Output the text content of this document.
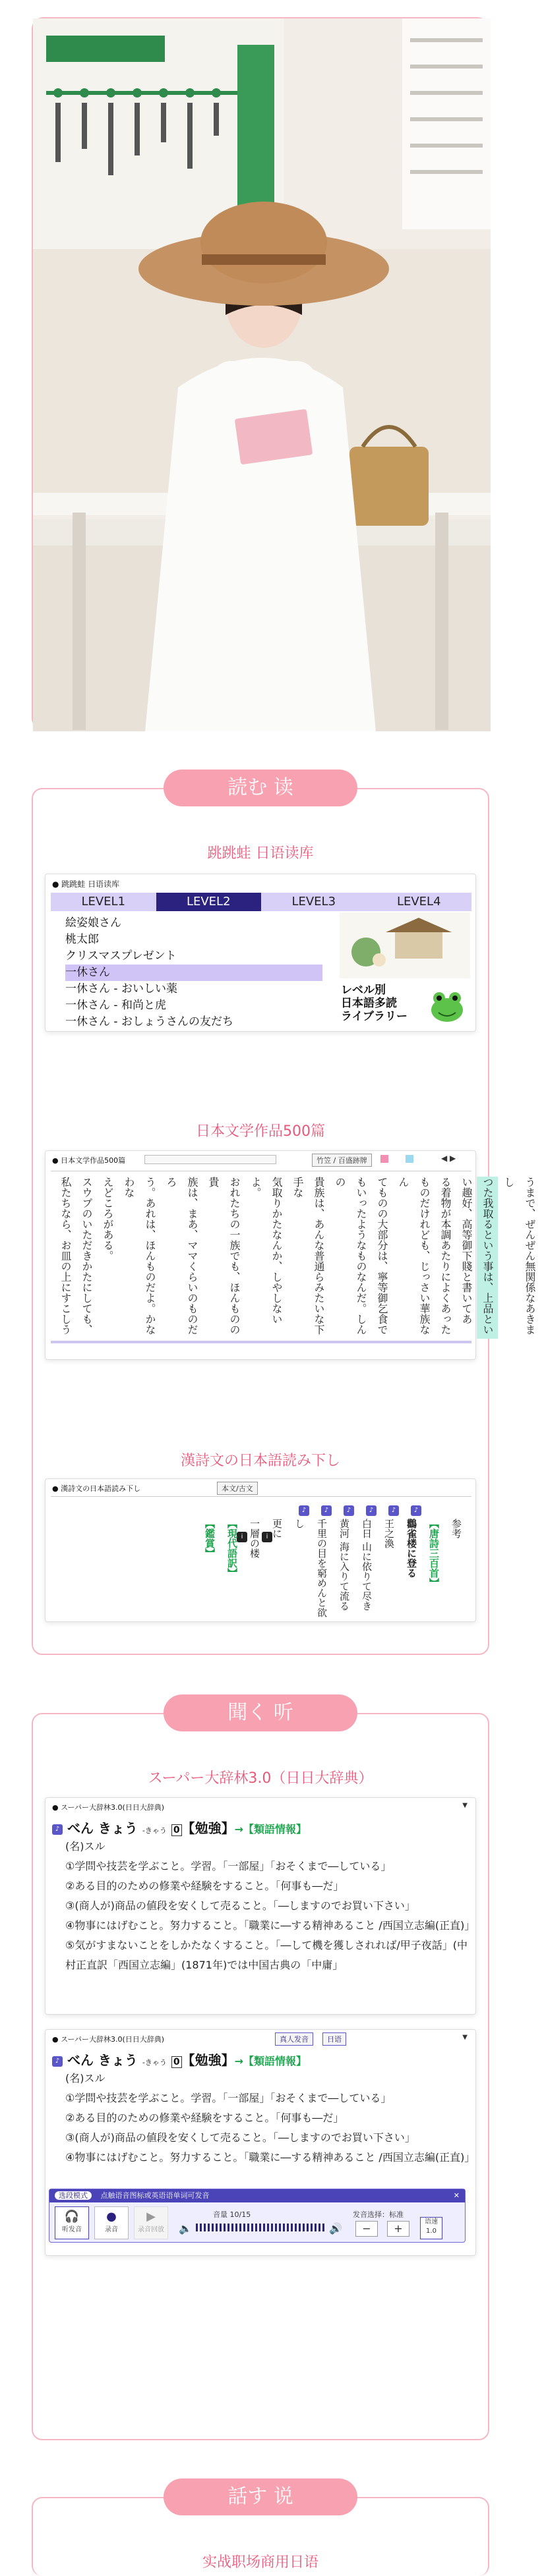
読む 读
跳跳蛙 日语读库
● 跳跳蛙 日语读库
LEVEL1	LEVEL2	LEVEL3	LEVEL4
絵姿娘さん
桃太郎
クリスマスプレゼント
一休さん
一休さん - おいしい薬
一休さん - 和尚と虎
一休さん - おしょうさんの友だち
レベル別
日本語多読
ライブラリー
日本文学作品500篇
● 日本文学作品500篇	竹笠 / 百盛跡牌	◀ ▶
うまで、ぜんぜん無関係なあきまし
つた我取るという事は、上品とい
い趣好、高等御下賤と書いてあ
る着物が本調あたりによくあった
ものだけれども、じっさい華族なん
てものの大部分は、寧等御乞食で
もいったようなものなんだ。しんの
貴族は、あんな普通らみたいな下手な
気取りかたなんか、しやしないよ。
おれたちの一族でも、ほんものの貴
族は、まあ、ママくらいのものだろ
う。あれは、ほんものだよ。かなわな
えどころがある。
スウプのいただきかたにしても、
私たちなら、お皿の上にすこしう
漢詩文の日本語読み下し
● 漢詩文の日本語読み下し	本文/古文
♪	♪	♪	♪	♪	♪
i	i	参考
【唐詩三百首】
鸛雀楼に登る
王之渙
白日 山に依りて尽き
黄河 海に入りて流る
千里の目を窮めんと欲し
更に
一層の楼
【現代語訳】
【鑑賞】
聞く 听
スーパー大辞林3.0（日日大辞典）
● スーパー大辞林3.0(日日大辞典)	▼
♪ べん きょう -きゃう 0 【勉強】→【類語情報】
(名)スル
①学問や技芸を学ぶこと。学習。「一部屋」「おそくまで―している」
②ある目的のための修業や経験をすること。「何事も―だ」
③(商人が)商品の値段を安くして売ること。「―しますのでお買い下さい」
④物事にはげむこと。努力すること。「職業に―する精神あること /西国立志編(正直)」
⑤気がすまないことをしかたなくすること。「―して機を獲しされれば/甲子夜話」(中村正直訳「西国立志編」(1871年)では中国古典の「中庸」
● スーパー大辞林3.0(日日大辞典)	真人发音	日语	▼
♪ べん きょう -きゃう 0 【勉強】→【類語情報】
(名)スル
①学問や技芸を学ぶこと。学習。「一部屋」「おそくまで―している」
②ある目的のための修業や経験をすること。「何事も―だ」
③(商人が)商品の値段を安くして売ること。「―しますのでお買い下さい」
④物事にはげむこと。努力すること。「職業に―する精神あること /西国立志編(正直)」
选段模式 点触语音图标或英语语单词可发音	✕
🎧
听发音
●
录音
▶
录音回放	🔈
音量 10/15
🔊
发音选择：标准
−	+
语速
1.0
話す 说
实战职场商用日语
